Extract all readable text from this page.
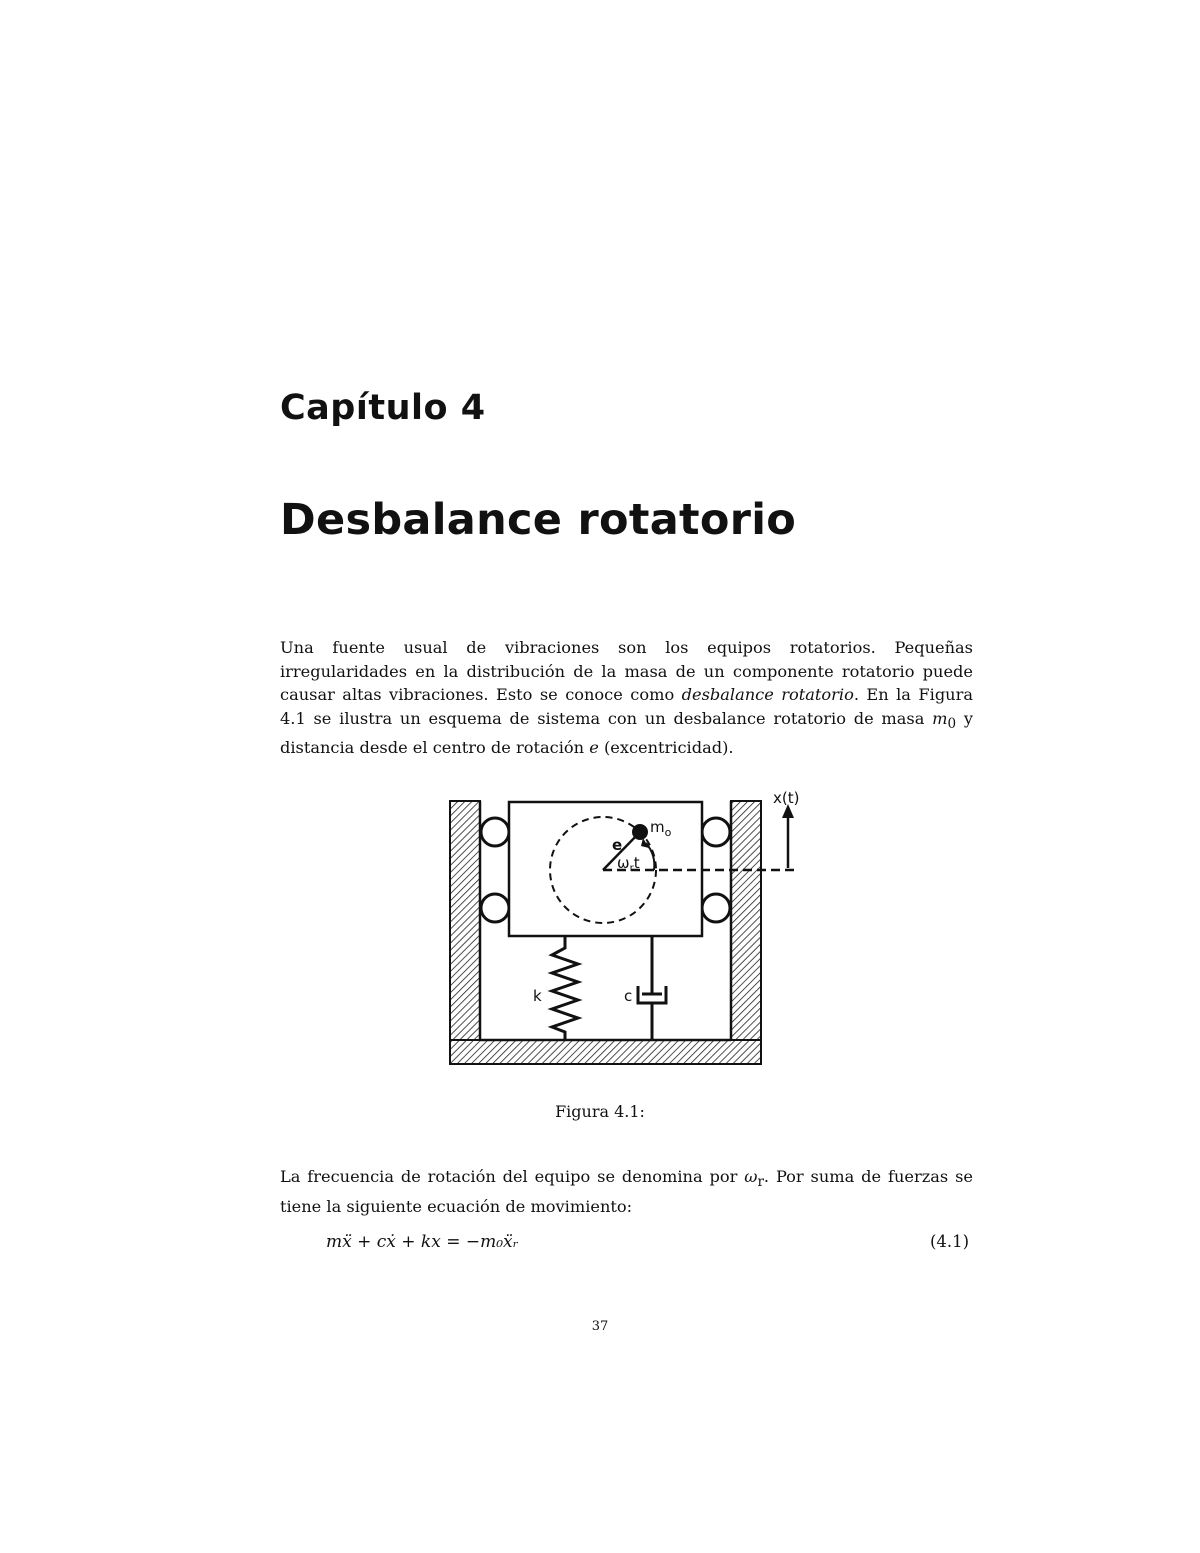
Capítulo 4
Desbalance rotatorio

Una fuente usual de vibraciones son los equipos rotatorios. Pequeñas irregularidades en la distribución de la masa de un componente rotatorio puede causar altas vibraciones. Esto se conoce como desbalance rotatorio. En la Figura 4.1 se ilustra un esquema de sistema con un desbalance rotatorio de masa $m_0$ y distancia desde el centro de rotación e (excentricidad).

x(t)
$m_o$
e
$\omega_rt$
k	c
Figura 4.1:

La frecuencia de rotación del equipo se denomina por $\omega_r$. Por suma de fuerzas se tiene la siguiente ecuación de movimiento:

mẍ + cẋ + kx = −m₀ẍᵣ	(4.1)
37
